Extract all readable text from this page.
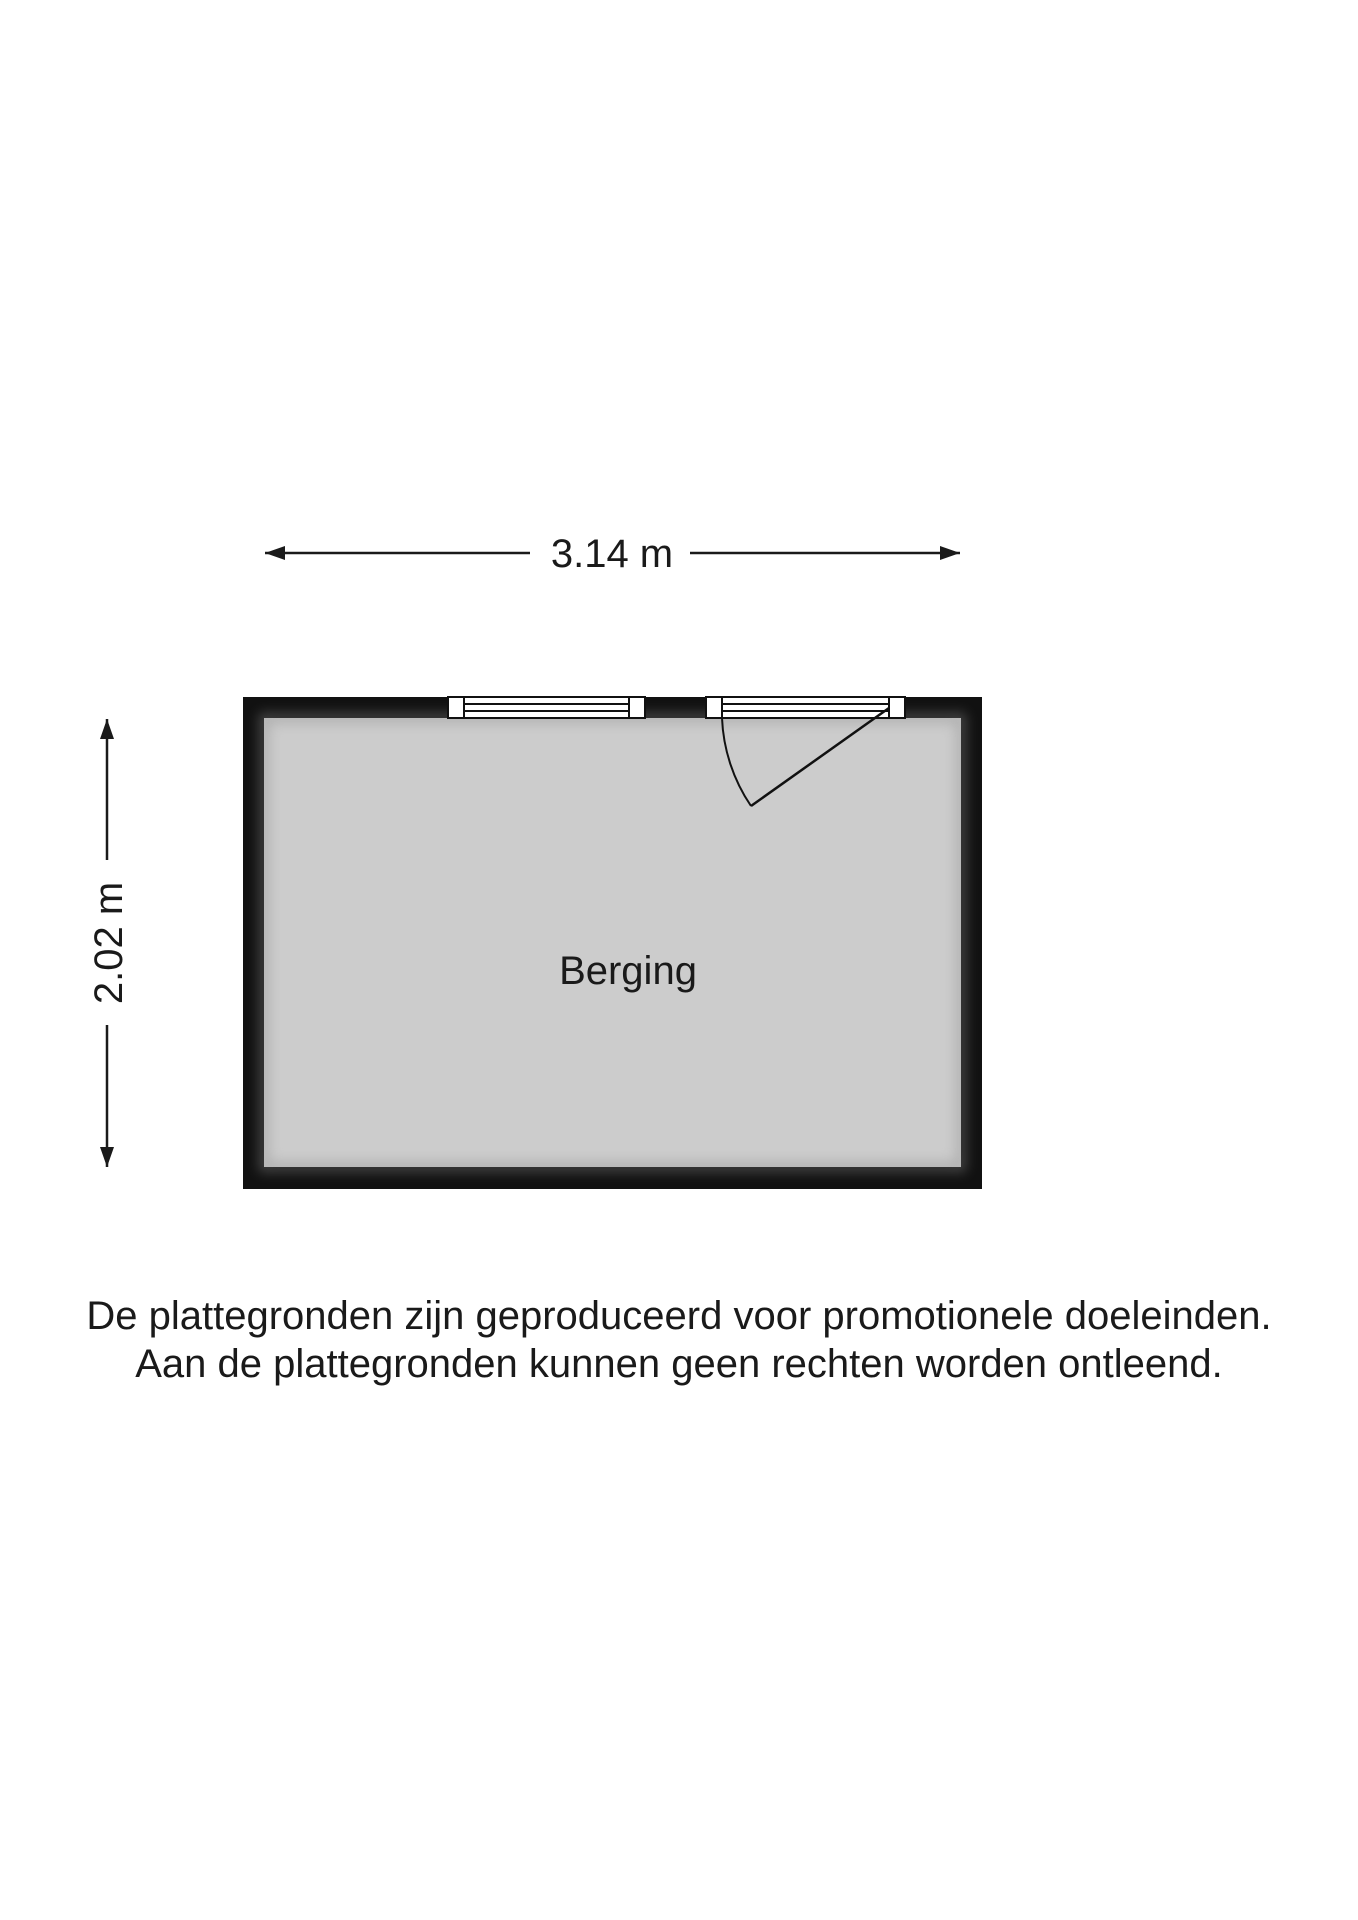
3.14 m
2.02 m	Berging
De plattegronden zijn geproduceerd voor promotionele doeleinden.
Aan de plattegronden kunnen geen rechten worden ontleend.
